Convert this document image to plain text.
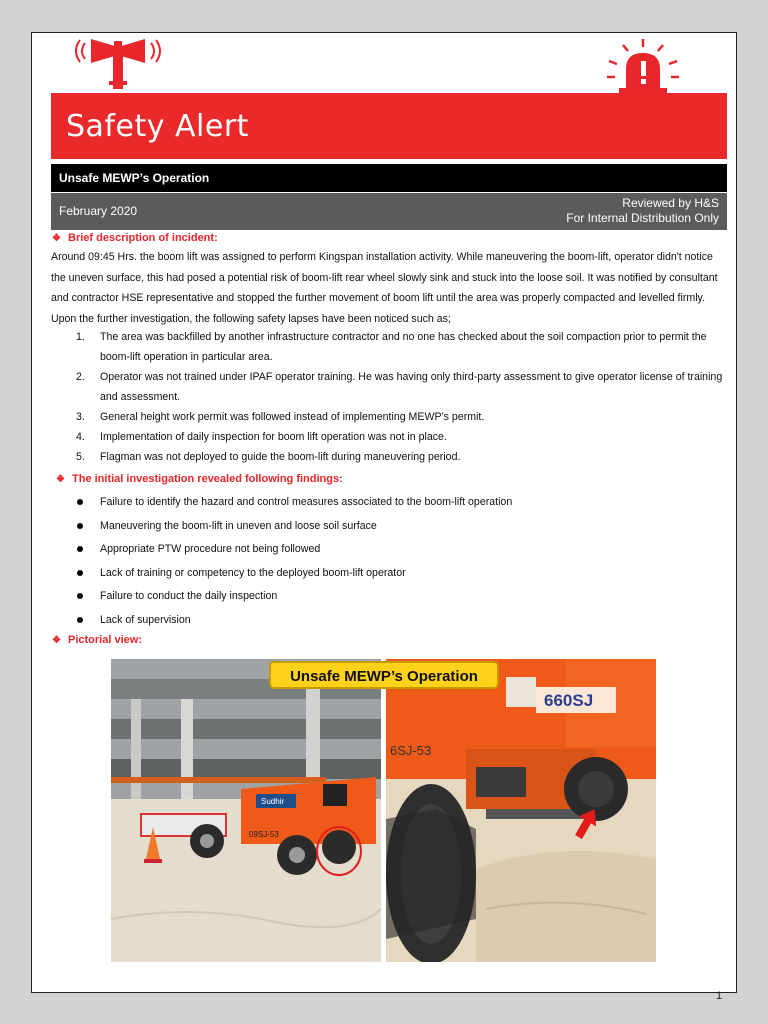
Safety Alert
Unsafe MEWP’s Operation
February 2020
Reviewed by H&S
For Internal Distribution Only
❖ Brief description of incident:
Around 09:45 Hrs. the boom lift was assigned to perform Kingspan installation activity. While maneuvering the boom-lift, operator didn't notice the uneven surface, this had posed a potential risk of boom-lift rear wheel slowly sink and stuck into the loose soil. It was notified by consultant and contractor HSE representative and stopped the further movement of boom lift until the area was properly compacted and levelled firmly. Upon the further investigation, the following safety lapses have been noticed such as;
1. The area was backfilled by another infrastructure contractor and no one has checked about the soil compaction prior to permit the boom-lift operation in particular area.
2. Operator was not trained under IPAF operator training. He was having only third-party assessment to give operator license of training and assessment.
3. General height work permit was followed instead of implementing MEWP’s permit.
4. Implementation of daily inspection for boom lift operation was not in place.
5. Flagman was not deployed to guide the boom-lift during maneuvering period.
❖ The initial investigation revealed following findings:
Failure to identify the hazard and control measures associated to the boom-lift operation
Maneuvering the boom-lift in uneven and loose soil surface
Appropriate PTW procedure not being followed
Lack of training or competency to the deployed boom-lift operator
Failure to conduct the daily inspection
Lack of supervision
❖ Pictorial view:
Sudhir
09SJ-53
660SJ
6SJ-53
Unsafe MEWP’s Operation
1
